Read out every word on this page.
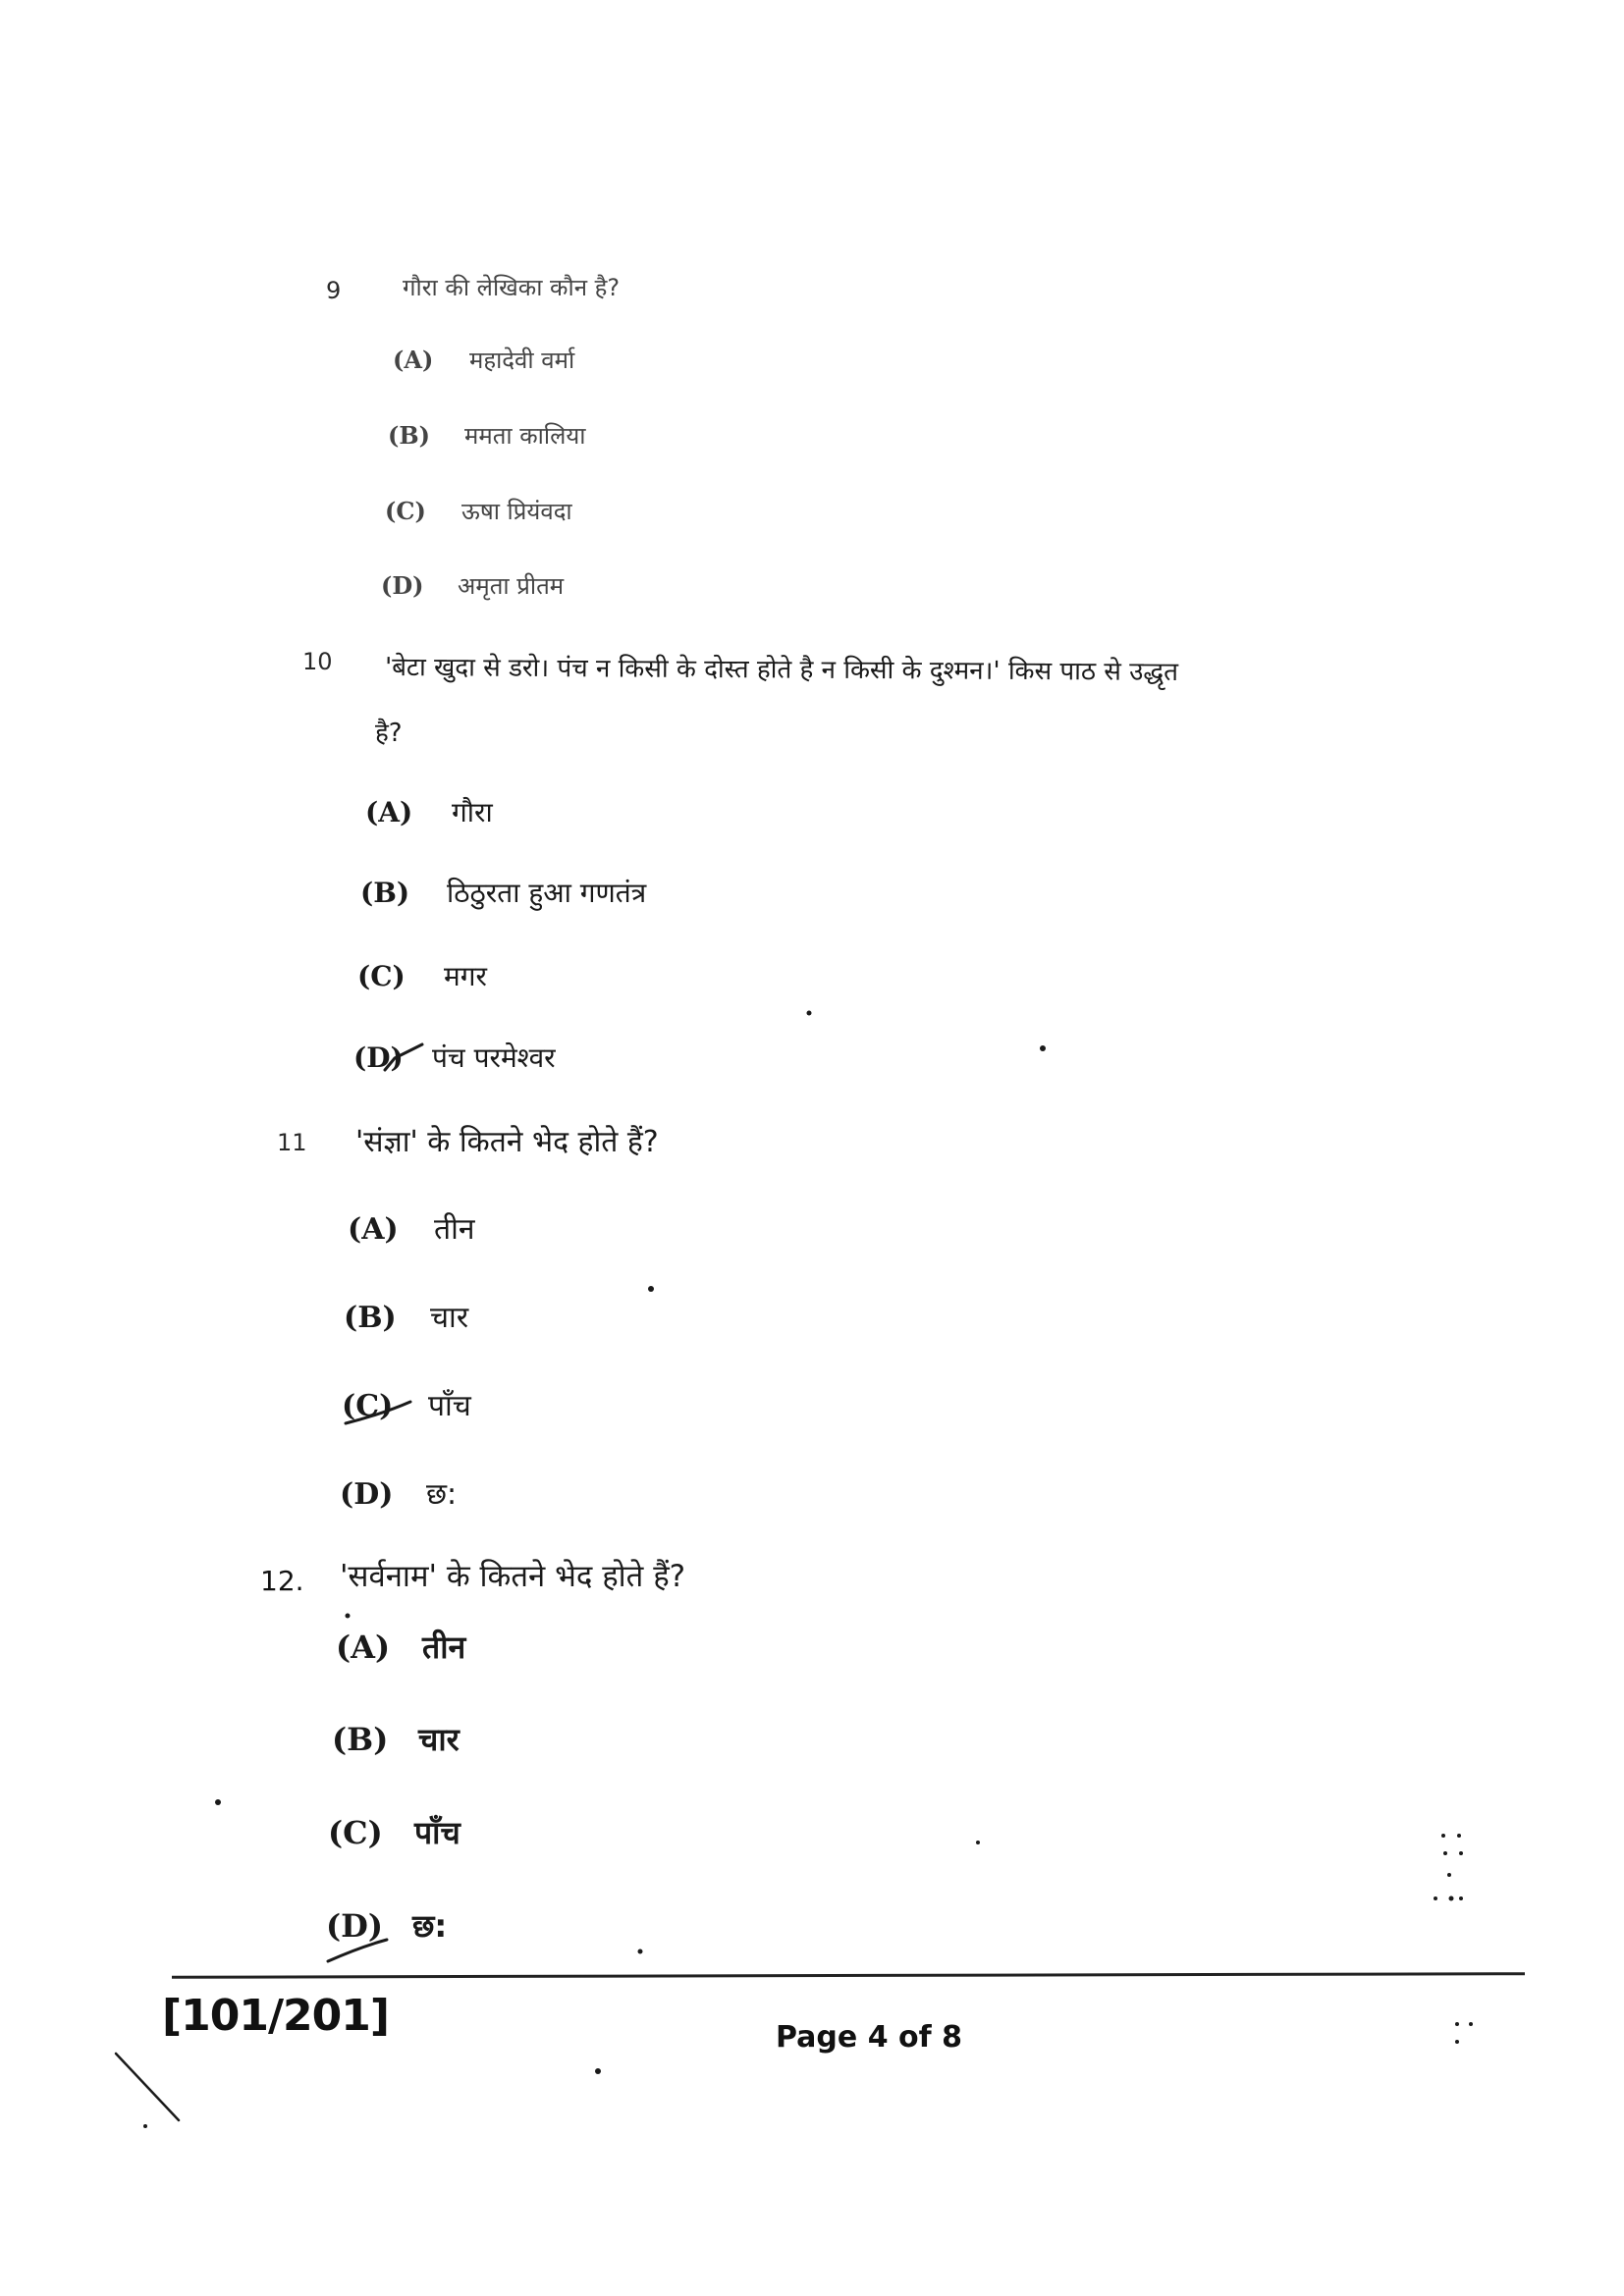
9	गौरा की लेखिका कौन है?
(A) महादेवी वर्मा
(B) ममता कालिया
(C) ऊषा प्रियंवदा
(D) अमृता प्रीतम
10 'बेटा खुदा से डरो। पंच न किसी के दोस्त होते है न किसी के दुश्मन।' किस पाठ से उद्धृत
है?
(A) गौरा
(B) ठिठुरता हुआ गणतंत्र
(C) मगर
(D) पंच परमेश्वर
11 'संज्ञा' के कितने भेद होते हैं?
(A) तीन
(B) चार
(C) पाँच
(D) छ:
12. 'सर्वनाम' के कितने भेद होते हैं?
(A) तीन
(B) चार
(C) पाँच
(D) छ:
[101/201]	Page 4 of 8
